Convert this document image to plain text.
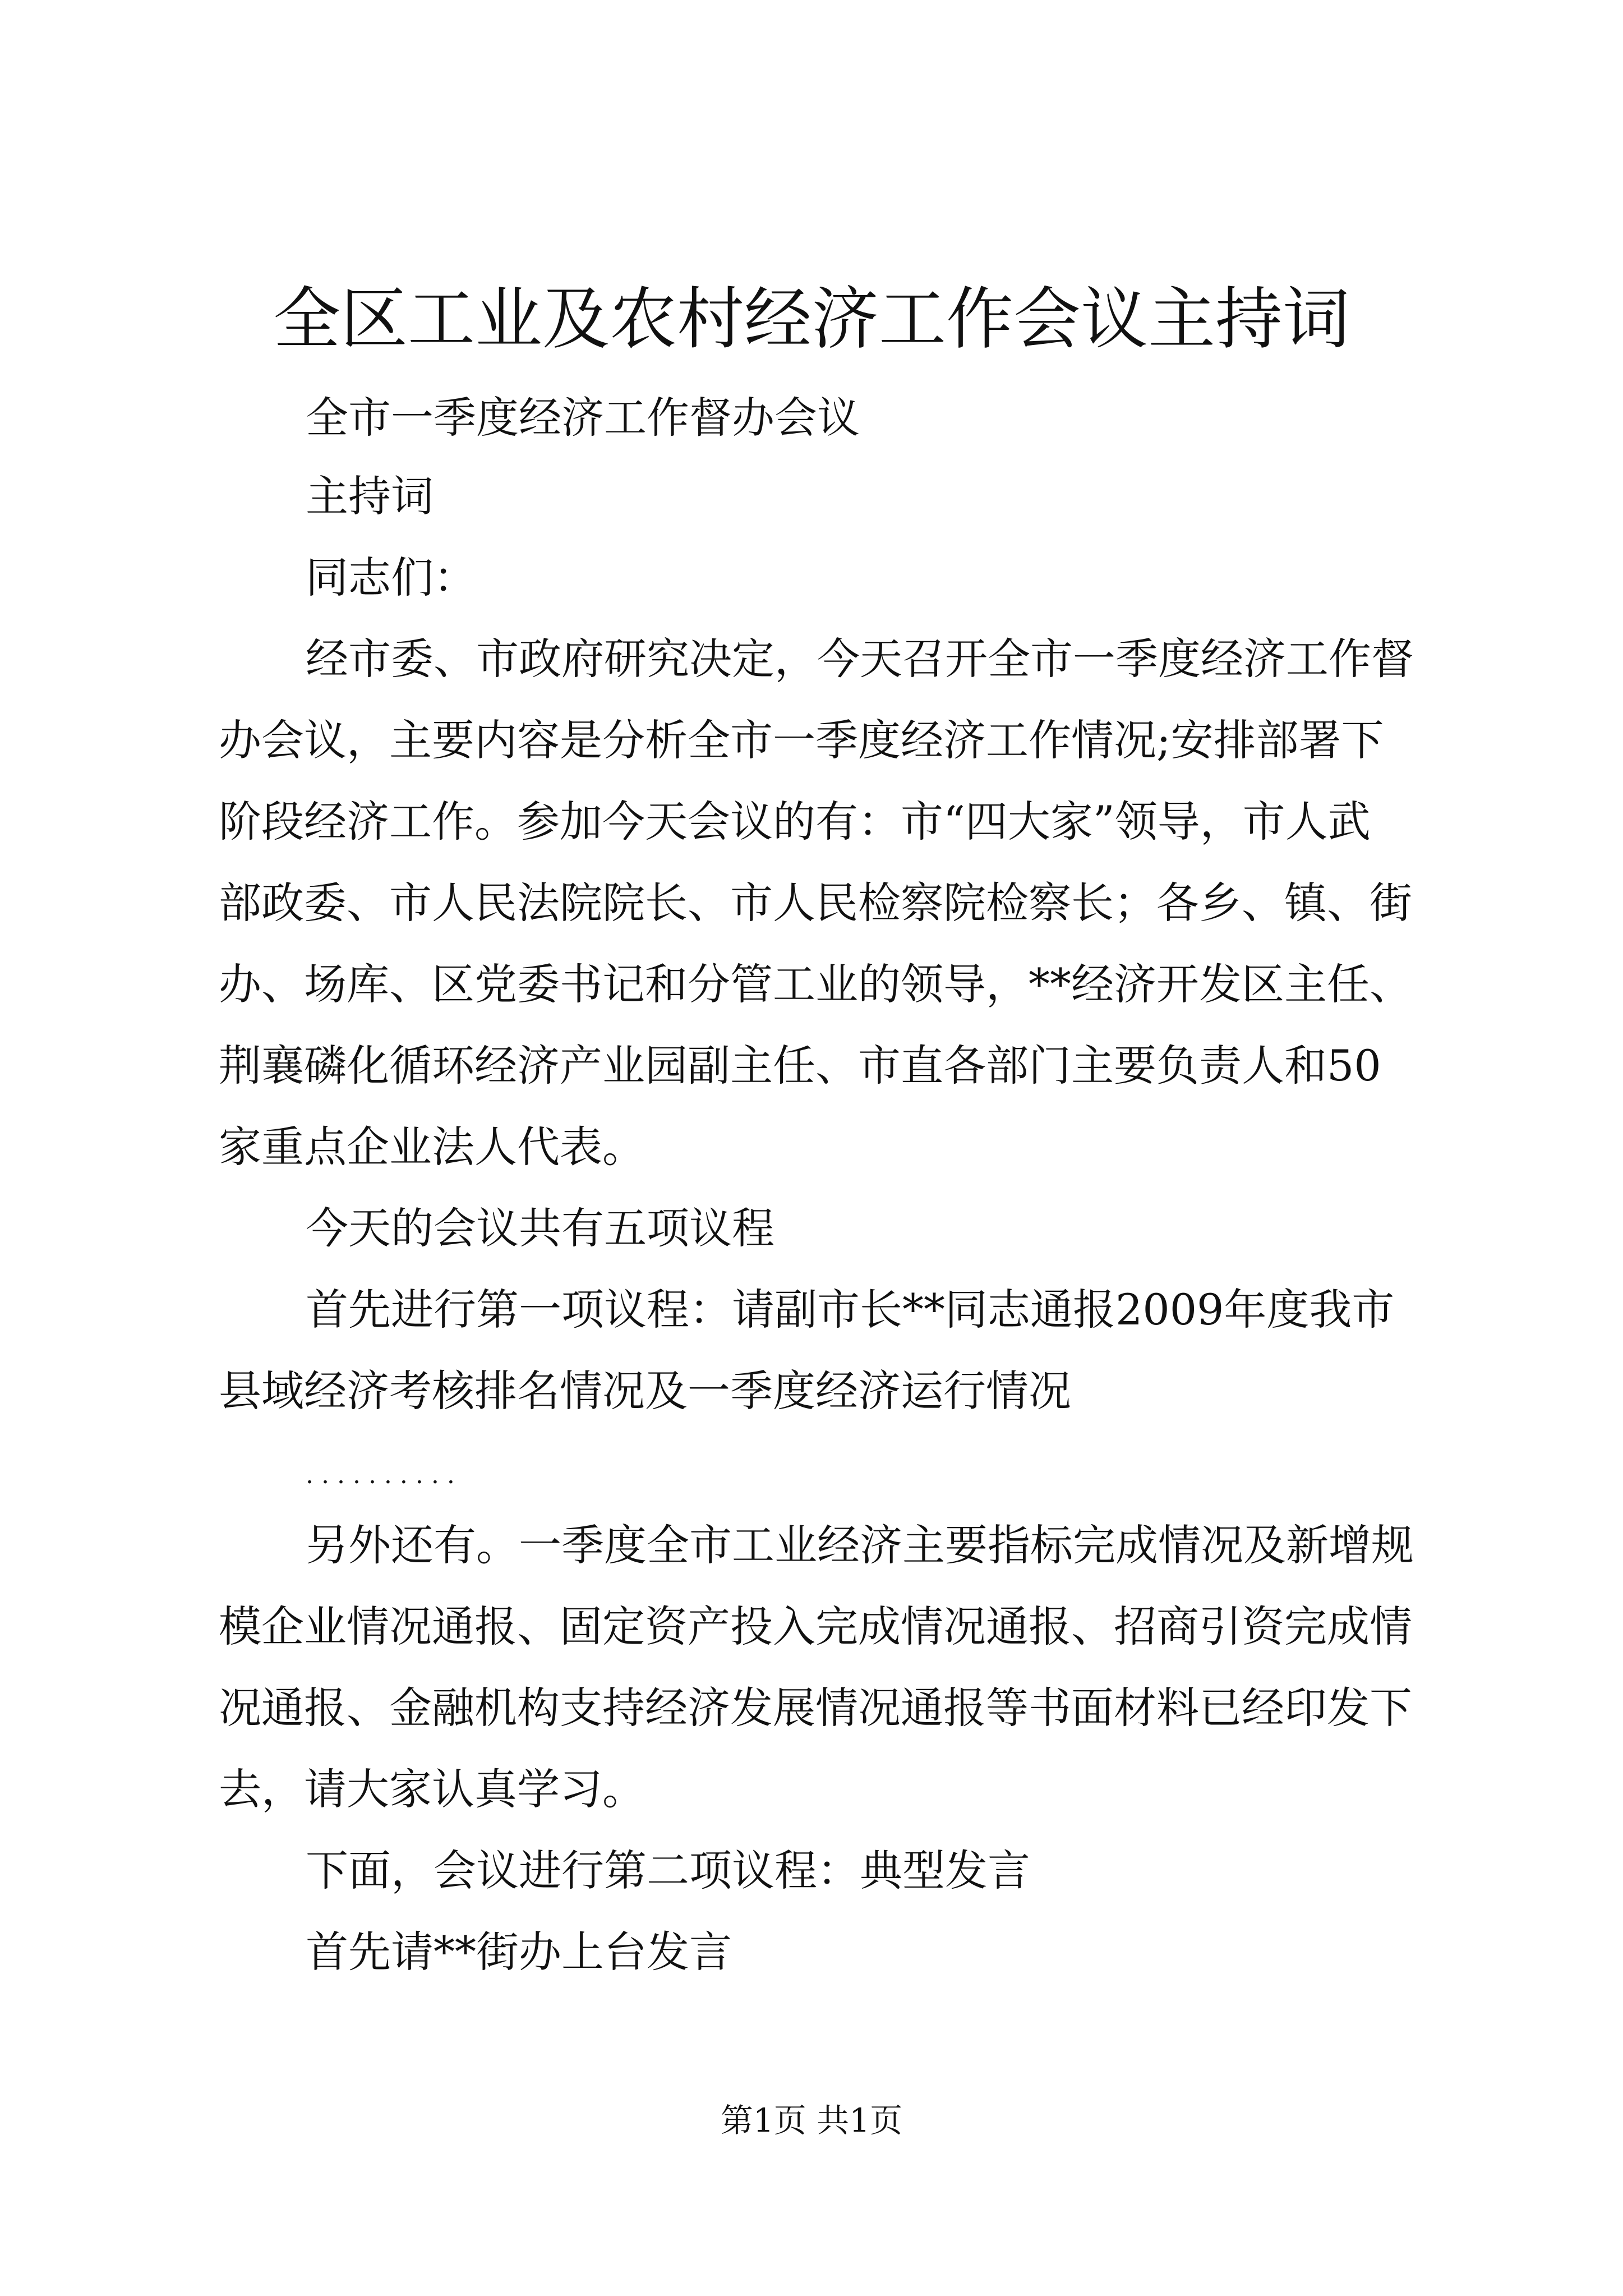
全区工业及农村经济工作会议主持词
全市一季度经济工作督办会议
主持词
同志们：
经市委、市政府研究决定，今天召开全市一季度经济工作督
办会议，主要内容是分析全市一季度经济工作情况;安排部署下
阶段经济工作。参加今天会议的有：市“四大家”领导，市人武
部政委、市人民法院院长、市人民检察院检察长；各乡、镇、街
办、场库、区党委书记和分管工业的领导，**经济开发区主任、
荆襄磷化循环经济产业园副主任、市直各部门主要负责人和50
家重点企业法人代表。
今天的会议共有五项议程
首先进行第一项议程：请副市长**同志通报2009年度我市
县域经济考核排名情况及一季度经济运行情况
..........
另外还有。一季度全市工业经济主要指标完成情况及新增规
模企业情况通报、固定资产投入完成情况通报、招商引资完成情
况通报、金融机构支持经济发展情况通报等书面材料已经印发下
去，请大家认真学习。
下面，会议进行第二项议程：典型发言
首先请**街办上台发言
第1页 共1页
